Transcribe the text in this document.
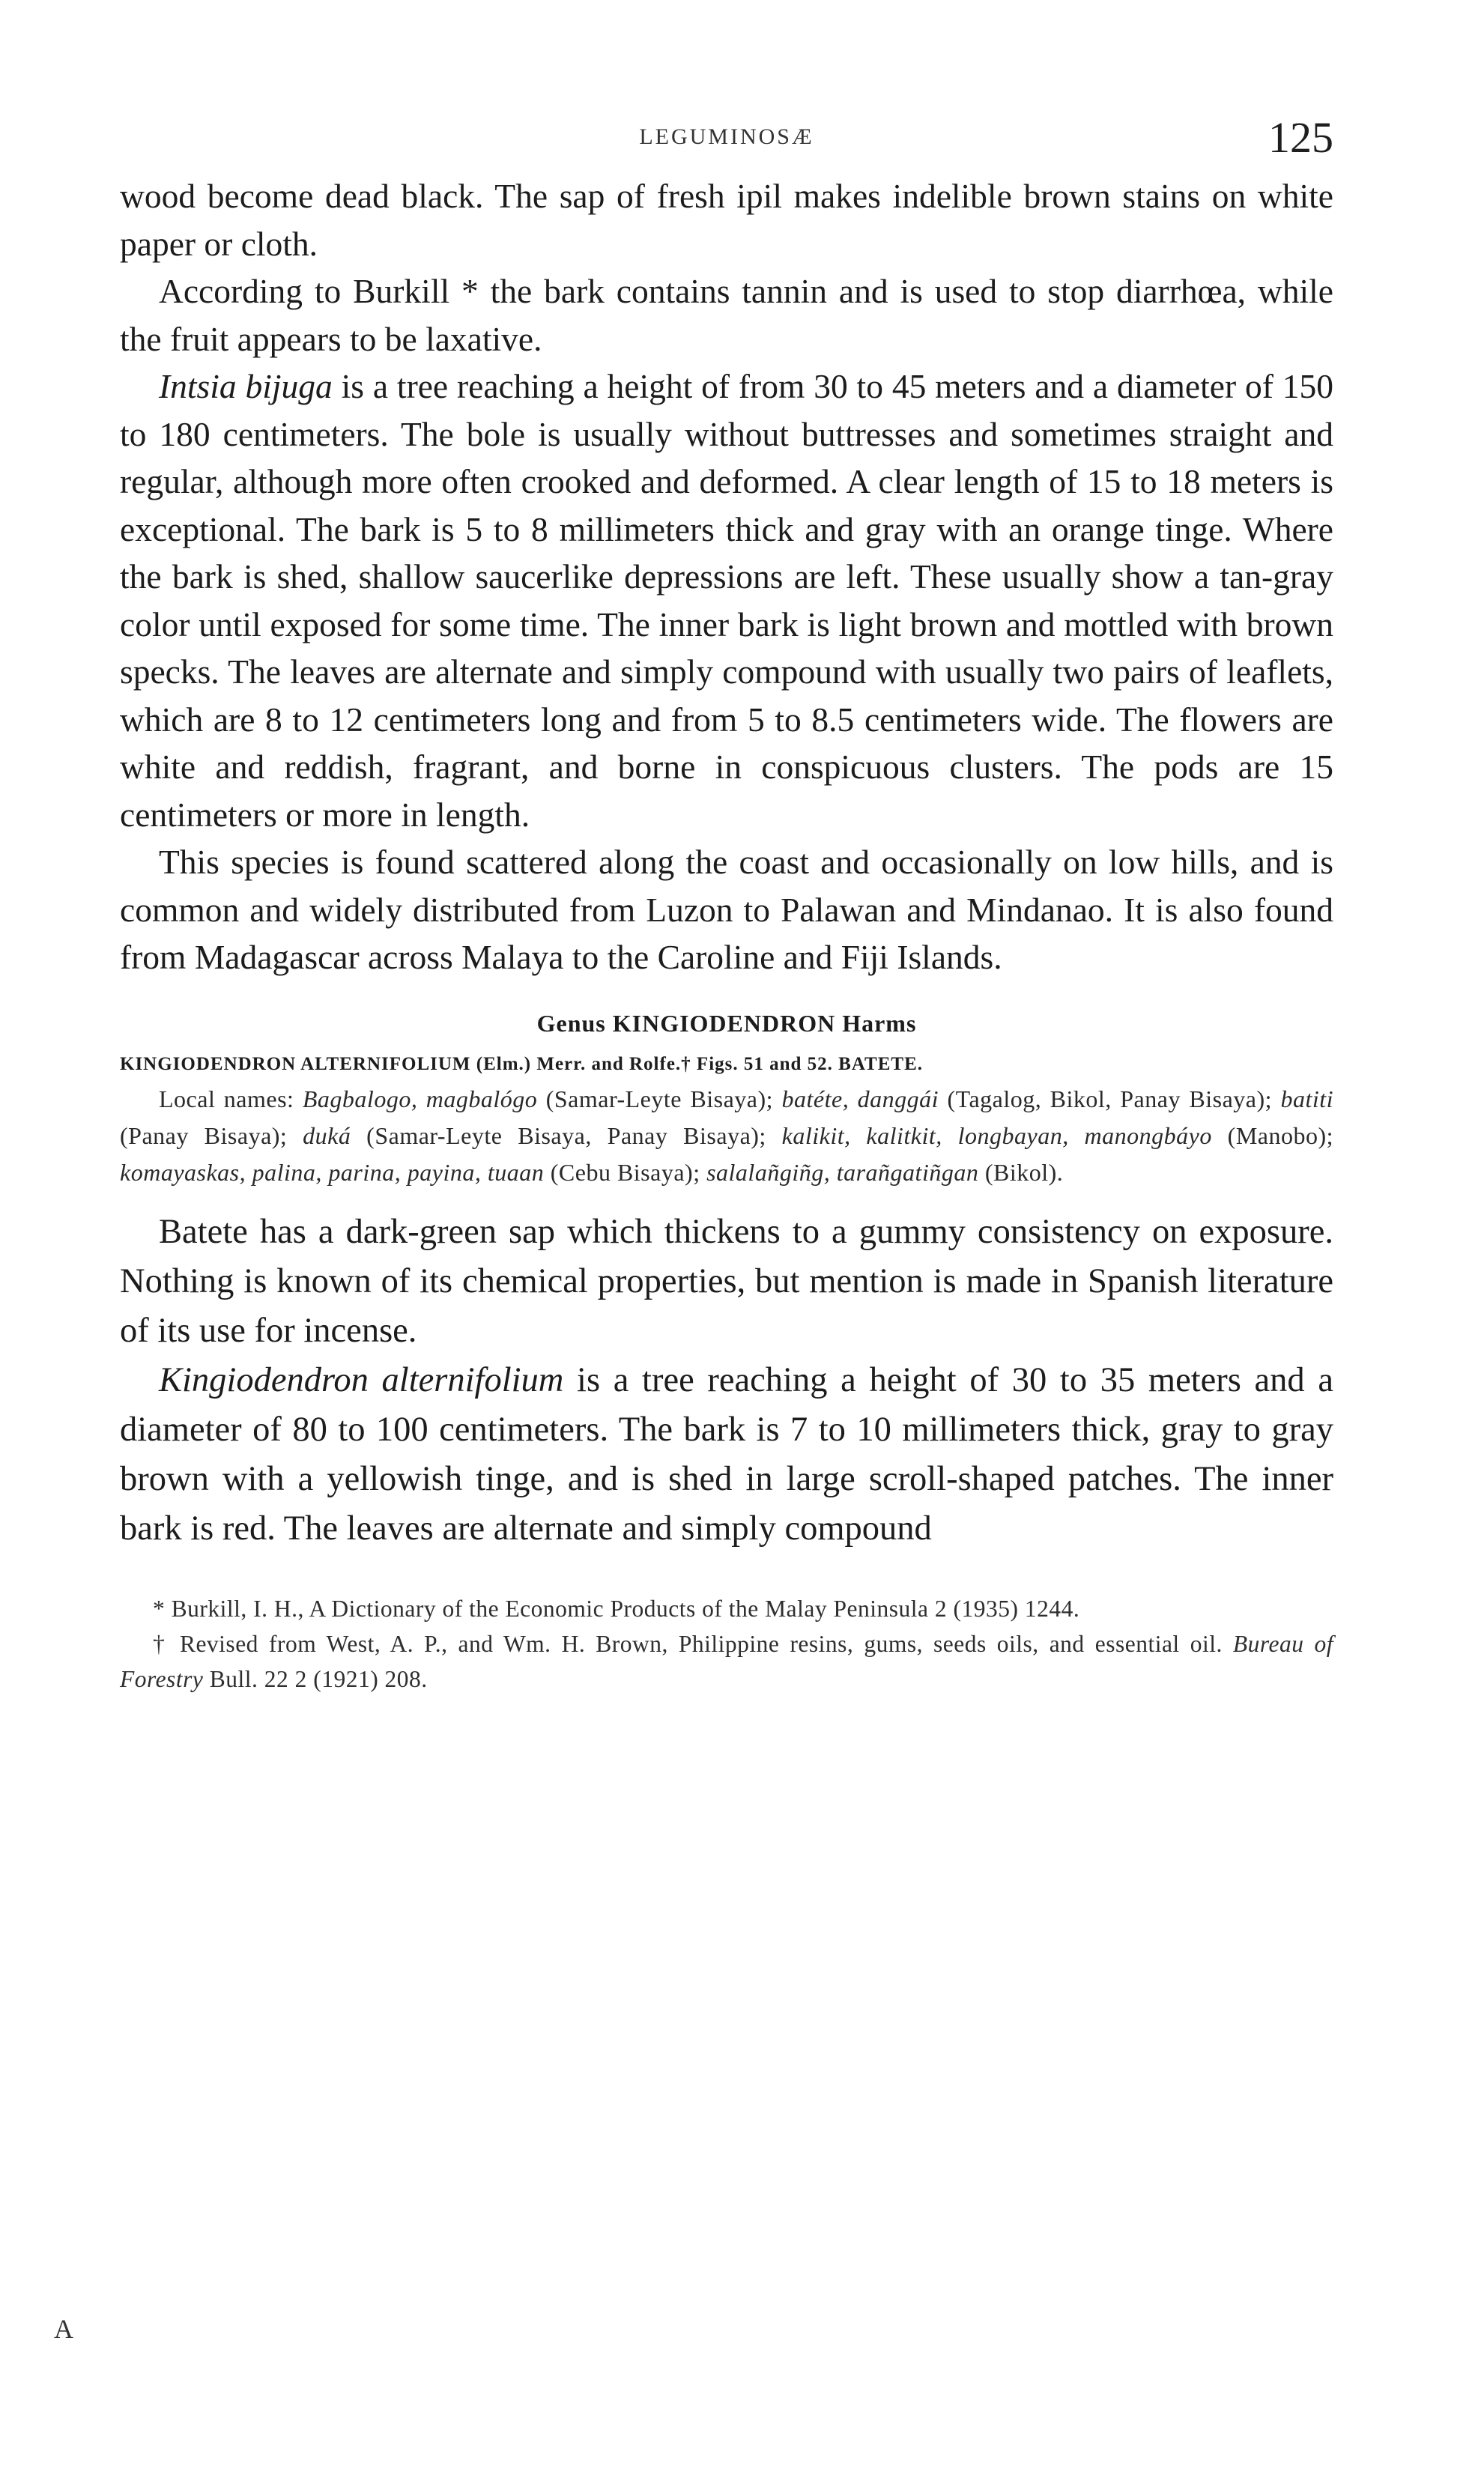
LEGUMINOSÆ	125

wood become dead black. The sap of fresh ipil makes indelible brown stains on white paper or cloth.

According to Burkill * the bark contains tannin and is used to stop diarrhœa, while the fruit appears to be laxative.

Intsia bijuga is a tree reaching a height of from 30 to 45 meters and a diameter of 150 to 180 centimeters. The bole is usually without buttresses and sometimes straight and regular, although more often crooked and deformed. A clear length of 15 to 18 meters is exceptional. The bark is 5 to 8 millimeters thick and gray with an orange tinge. Where the bark is shed, shallow saucerlike depressions are left. These usually show a tan-gray color until exposed for some time. The inner bark is light brown and mottled with brown specks. The leaves are alternate and simply compound with usually two pairs of leaflets, which are 8 to 12 centimeters long and from 5 to 8.5 centimeters wide. The flowers are white and reddish, fragrant, and borne in conspicuous clusters. The pods are 15 centimeters or more in length.

This species is found scattered along the coast and occasionally on low hills, and is common and widely distributed from Luzon to Palawan and Mindanao. It is also found from Madagascar across Malaya to the Caroline and Fiji Islands.

Genus KINGIODENDRON Harms
KINGIODENDRON ALTERNIFOLIUM (Elm.) Merr. and Rolfe.† Figs. 51 and 52. BATETE.

Local names: Bagbalogo, magbalógo (Samar-Leyte Bisaya); batéte, danggái (Tagalog, Bikol, Panay Bisaya); batiti (Panay Bisaya); duká (Samar-Leyte Bisaya, Panay Bisaya); kalikit, kalitkit, longbayan, manongbáyo (Manobo); komayaskas, palina, parina, payina, tuaan (Cebu Bisaya); salalañgiñg, tarañgatiñgan (Bikol).

Batete has a dark-green sap which thickens to a gummy consistency on exposure. Nothing is known of its chemical properties, but mention is made in Spanish literature of its use for incense.

Kingiodendron alternifolium is a tree reaching a height of 30 to 35 meters and a diameter of 80 to 100 centimeters. The bark is 7 to 10 millimeters thick, gray to gray brown with a yellowish tinge, and is shed in large scroll-shaped patches. The inner bark is red. The leaves are alternate and simply compound

* Burkill, I. H., A Dictionary of the Economic Products of the Malay Peninsula 2 (1935) 1244.

† Revised from West, A. P., and Wm. H. Brown, Philippine resins, gums, seeds oils, and essential oil. Bureau of Forestry Bull. 22 2 (1921) 208.

A
